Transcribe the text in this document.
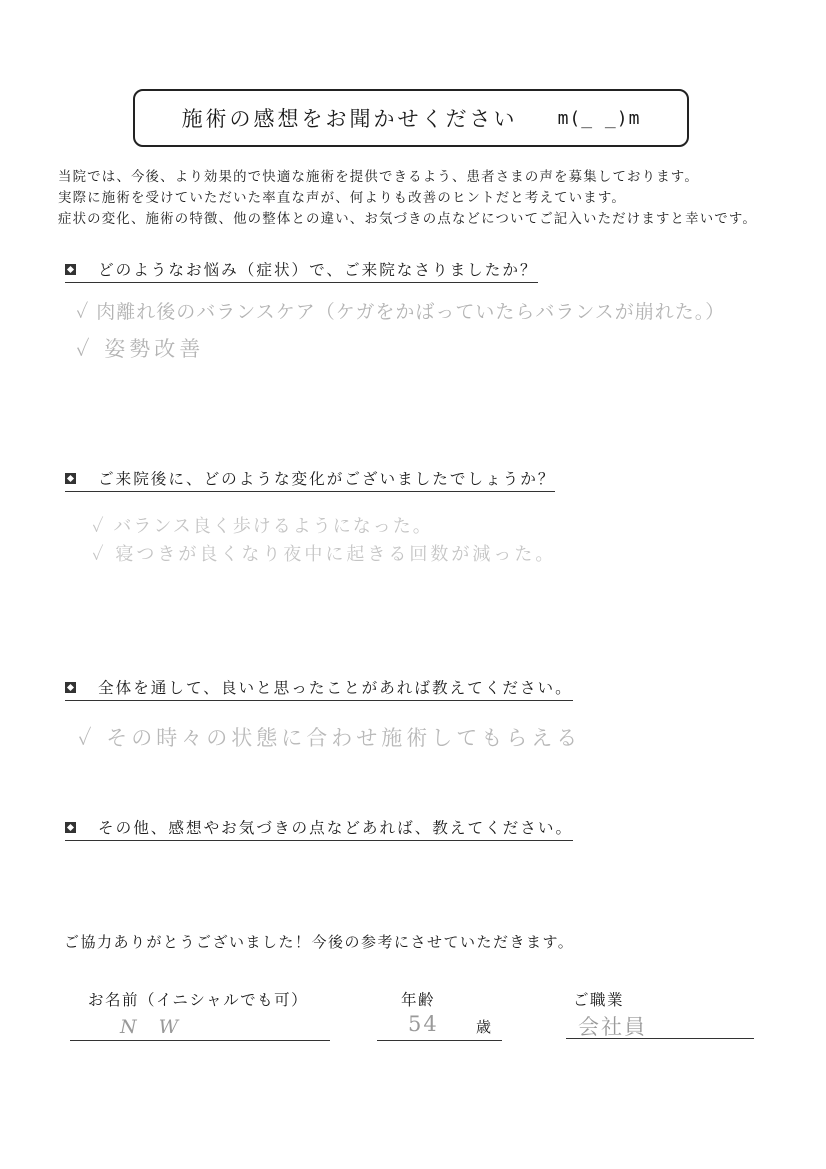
施術の感想をお聞かせください m(_ _)m
当院では、今後、より効果的で快適な施術を提供できるよう、患者さまの声を募集しております。
実際に施術を受けていただいた率直な声が、何よりも改善のヒントだと考えています。
症状の変化、施術の特徴、他の整体との違い、お気づきの点などについてご記入いただけますと幸いです。
どのようなお悩み（症状）で、ご来院なさりましたか？
✓ 肉離れ後のバランスケア（ケガをかばっていたらバランスが崩れた。）
✓ 姿勢改善
ご来院後に、どのような変化がございましたでしょうか？
✓ バランス良く歩けるようになった。
✓ 寝つきが良くなり夜中に起きる回数が減った。
全体を通して、良いと思ったことがあれば教えてください。
✓ その時々の状態に合わせ施術してもらえる
その他、感想やお気づきの点などあれば、教えてください。
ご協力ありがとうございました！今後の参考にさせていただきます。
お名前（イニシャルでも可）
N W
年齢
54 歳
ご職業
会社員
